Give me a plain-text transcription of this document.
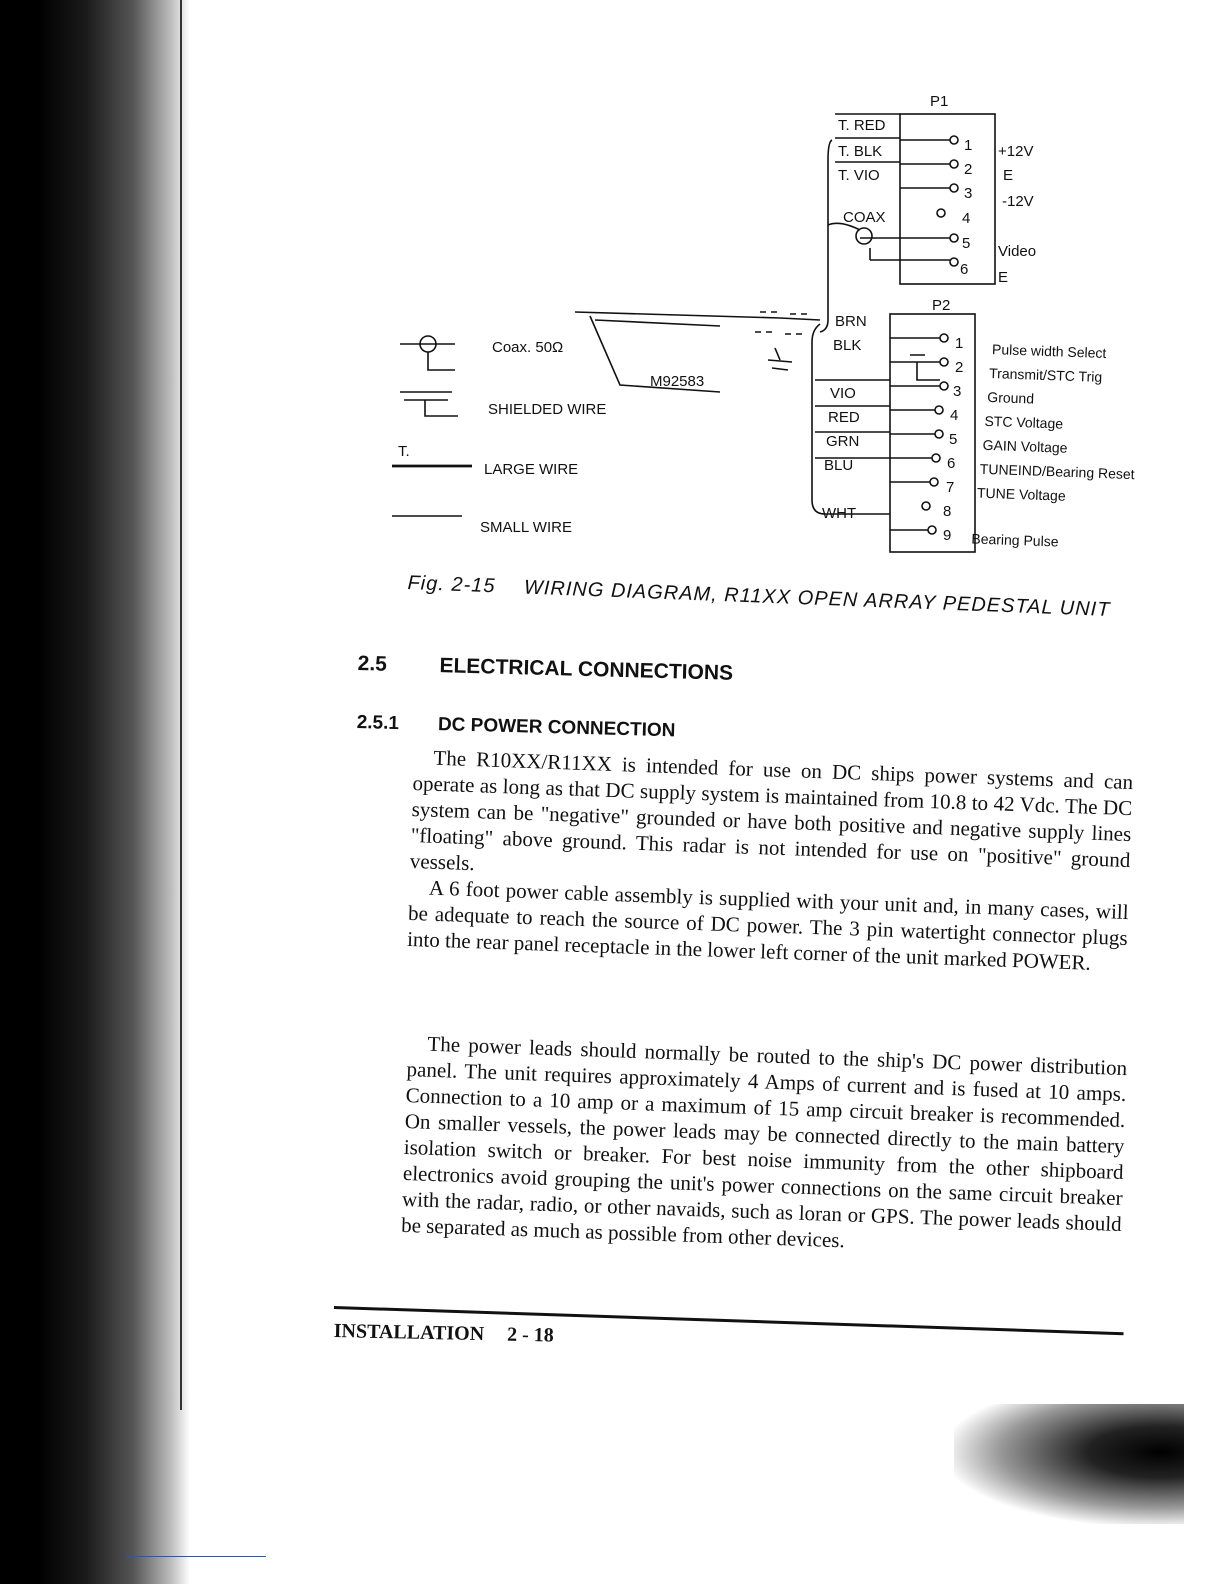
P1
P2
T. RED
T. BLK
T. VIO
COAX
1
2
3
4
5
6
+12V
E
-12V
Video
E
BRN
BLK
VIO
RED
GRN
BLU
WHT
1
2
3
4
5
6
7
8
9
Pulse width Select
Transmit/STC Trig
Ground
STC Voltage
GAIN Voltage
TUNEIND/Bearing Reset
TUNE Voltage
Bearing Pulse
M92583
Coax. 50Ω
SHIELDED WIRE
T.
LARGE WIRE
SMALL WIRE
Fig. 2-15 WIRING DIAGRAM, R11XX OPEN ARRAY PEDESTAL UNIT
2.5 ELECTRICAL CONNECTIONS
2.5.1 DC POWER CONNECTION

The R10XX/R11XX is intended for use on DC ships power systems and can operate as long as that DC supply system is maintained from 10.8 to 42 Vdc. The DC system can be "negative" grounded or have both positive and negative supply lines "floating" above ground. This radar is not intended for use on "positive" ground vessels.

A 6 foot power cable assembly is supplied with your unit and, in many cases, will be adequate to reach the source of DC power. The 3 pin watertight connector plugs into the rear panel receptacle in the lower left corner of the unit marked POWER.

The power leads should normally be routed to the ship's DC power distribution panel. The unit requires approximately 4 Amps of current and is fused at 10 amps. Connection to a 10 amp or a maximum of 15 amp circuit breaker is recommended. On smaller vessels, the power leads may be connected directly to the main battery isolation switch or breaker. For best noise immunity from the other shipboard electronics avoid grouping the unit's power connections on the same circuit breaker with the radar, radio, or other navaids, such as loran or GPS. The power leads should be separated as much as possible from other devices.

INSTALLATION 2 - 18
